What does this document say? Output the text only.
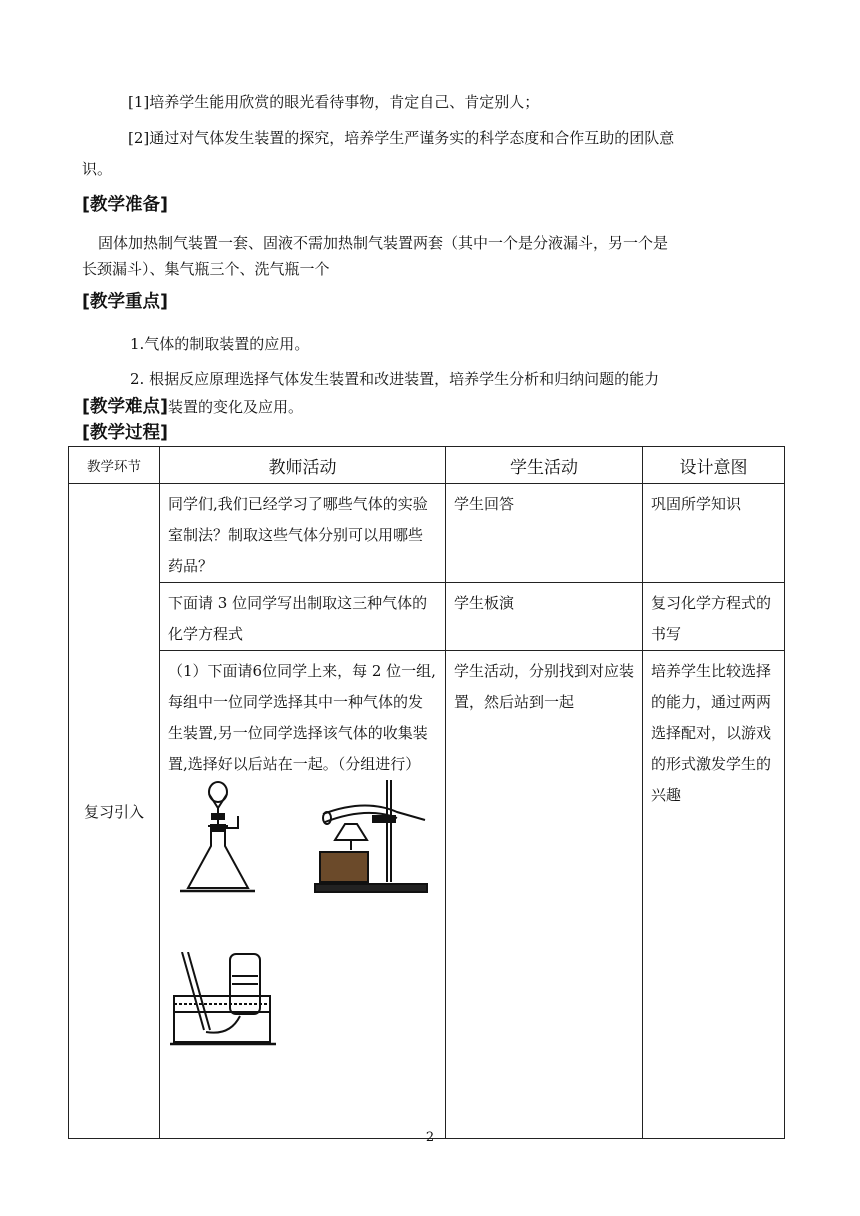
[1]培养学生能用欣赏的眼光看待事物，肯定自己、肯定别人；
[2]通过对气体发生装置的探究，培养学生严谨务实的科学态度和合作互助的团队意
识。
[教学准备]
固体加热制气装置一套、固液不需加热制气装置两套（其中一个是分液漏斗，另一个是
长颈漏斗）、集气瓶三个、洗气瓶一个
[教学重点]
1.气体的制取装置的应用。
2. 根据反应原理选择气体发生装置和改进装置，培养学生分析和归纳问题的能力
[教学难点]装置的变化及应用。
[教学过程]
教学环节	教师活动	学生活动	设计意图
复习引入	同学们,我们已经学习了哪些气体的实验室制法？制取这些气体分别可以用哪些药品？	学生回答	巩固所学知识

	下面请 3 位同学写出制取这三种气体的化学方程式	学生板演	复习化学方程式的书写

	（1）下面请6位同学上来，每 2 位一组,每组中一位同学选择其中一种气体的发生装置,另一位同学选择该气体的收集装置,选择好以后站在一起。（分组进行）	学生活动，分别找到对应装置，然后站到一起	培养学生比较选择的能力，通过两两选择配对，以游戏的形式激发学生的兴趣
2
